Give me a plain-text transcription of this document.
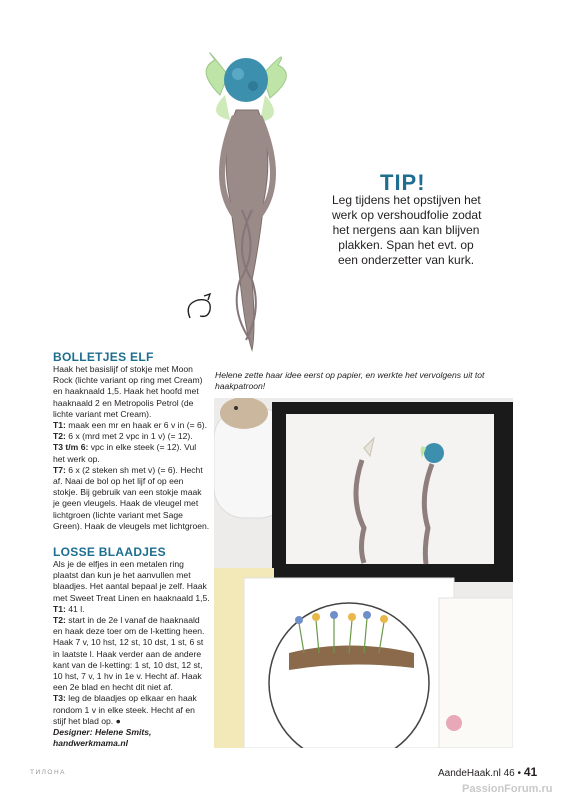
TIP!
Leg tijdens het opstijven het
werk op vershoudfolie zodat
het nergens aan kan blijven
plakken. Span het evt. op
een onderzetter van kurk.
BOLLETJES ELF
Haak het basislijf of stokje met Moon
Rock (lichte variant op ring met Cream)
en haaknaald 1,5. Haak het hoofd met
haaknaald 2 en Metropolis Petrol (de
lichte variant met Cream).
T1: maak een mr en haak er 6 v in (= 6).
T2: 6 x (mrd met 2 vpc in 1 v) (= 12).
T3 t/m 6: vpc in elke steek (= 12). Vul
het werk op.
T7: 6 x (2 steken sh met v) (= 6). Hecht
af. Naai de bol op het lijf of op een
stokje. Bij gebruik van een stokje maak
je geen vleugels. Haak de vleugel met
lichtgroen (lichte variant met Sage
Green). Haak de vleugels met lichtgroen.
LOSSE BLAADJES
Als je de elfjes in een metalen ring
plaatst dan kun je het aanvullen met
blaadjes. Het aantal bepaal je zelf. Haak
met Sweet Treat Linen en haaknaald 1,5.
T1: 41 l.
T2: start in de 2e l vanaf de haaknaald
en haak deze toer om de l-ketting heen.
Haak 7 v, 10 hst, 12 st, 10 dst, 1 st, 6 st
in laatste l. Haak verder aan de andere
kant van de l-ketting: 1 st, 10 dst, 12 st,
10 hst, 7 v, 1 hv in 1e v. Hecht af. Haak
een 2e blad en hecht dit niet af.
T3: leg de blaadjes op elkaar en haak
rondom 1 v in elke steek. Hecht af en
stijf het blad op. ●
Designer: Helene Smits,
handwerkmama.nl
Helene zette haar idee eerst op papier, en werkte het vervolgens uit tot
haakpatroon!
ТИЛОНА	AandeHaak.nl 46 • 41
PassionForum.ru
